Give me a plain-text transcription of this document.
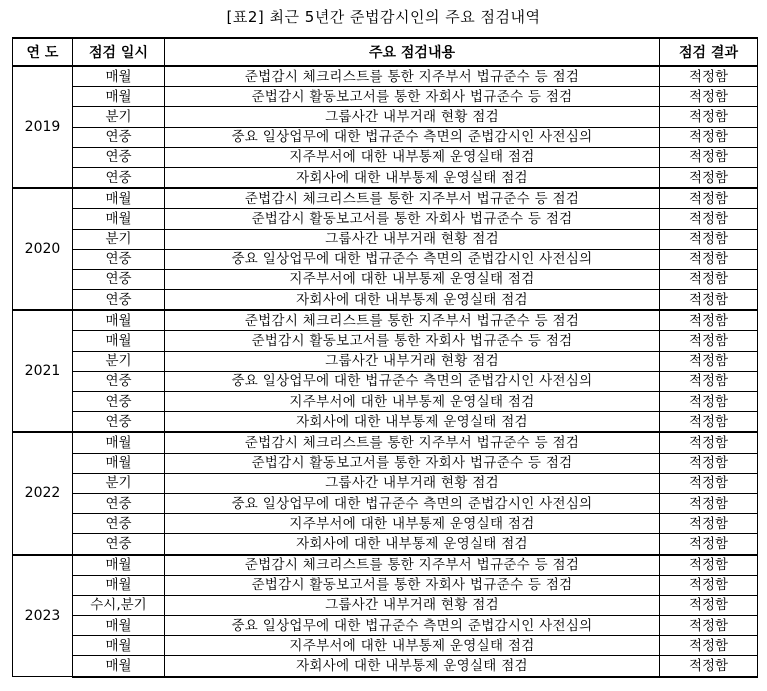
[표2] 최근 5년간 준법감시인의 주요 점검내역
연 도	점검 일시	주요 점검내용	점검 결과
2019	매월	준법감시 체크리스트를 통한 지주부서 법규준수 등 점검	적정함
	매월	준법감시 활동보고서를 통한 자회사 법규준수 등 점검	적정함
	분기	그룹사간 내부거래 현황 점검	적정함
	연중	중요 일상업무에 대한 법규준수 측면의 준법감시인 사전심의	적정함
	연중	지주부서에 대한 내부통제 운영실태 점검	적정함
	연중	자회사에 대한 내부통제 운영실태 점검	적정함
2020	매월	준법감시 체크리스트를 통한 지주부서 법규준수 등 점검	적정함
	매월	준법감시 활동보고서를 통한 자회사 법규준수 등 점검	적정함
	분기	그룹사간 내부거래 현황 점검	적정함
	연중	중요 일상업무에 대한 법규준수 측면의 준법감시인 사전심의	적정함
	연중	지주부서에 대한 내부통제 운영실태 점검	적정함
	연중	자회사에 대한 내부통제 운영실태 점검	적정함
2021	매월	준법감시 체크리스트를 통한 지주부서 법규준수 등 점검	적정함
	매월	준법감시 활동보고서를 통한 자회사 법규준수 등 점검	적정함
	분기	그룹사간 내부거래 현황 점검	적정함
	연중	중요 일상업무에 대한 법규준수 측면의 준법감시인 사전심의	적정함
	연중	지주부서에 대한 내부통제 운영실태 점검	적정함
	연중	자회사에 대한 내부통제 운영실태 점검	적정함
2022	매월	준법감시 체크리스트를 통한 지주부서 법규준수 등 점검	적정함
	매월	준법감시 활동보고서를 통한 자회사 법규준수 등 점검	적정함
	분기	그룹사간 내부거래 현황 점검	적정함
	연중	중요 일상업무에 대한 법규준수 측면의 준법감시인 사전심의	적정함
	연중	지주부서에 대한 내부통제 운영실태 점검	적정함
	연중	자회사에 대한 내부통제 운영실태 점검	적정함
2023	매월	준법감시 체크리스트를 통한 지주부서 법규준수 등 점검	적정함
	매월	준법감시 활동보고서를 통한 자회사 법규준수 등 점검	적정함
	수시,분기	그룹사간 내부거래 현황 점검	적정함
	매월	중요 일상업무에 대한 법규준수 측면의 준법감시인 사전심의	적정함
	매월	지주부서에 대한 내부통제 운영실태 점검	적정함
	매월	자회사에 대한 내부통제 운영실태 점검	적정함
